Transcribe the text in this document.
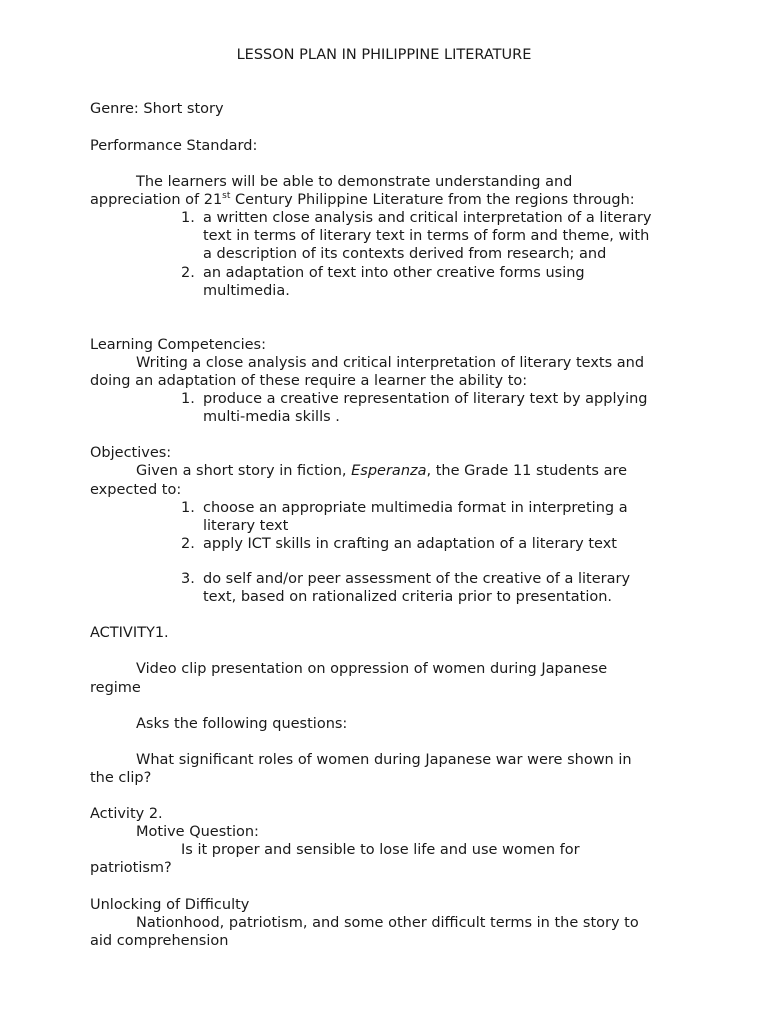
LESSON PLAN IN PHILIPPINE LITERATURE
Genre: Short story
Performance Standard:
The learners will be able to demonstrate understanding and
appreciation of 21st Century Philippine Literature from the regions through:
1. a written close analysis and critical interpretation of a literary
text in terms of literary text in terms of form and theme, with
a description of its contexts derived from research; and
2. an adaptation of text into other creative forms using
multimedia.
Learning Competencies:
Writing a close analysis and critical interpretation of literary texts and
doing an adaptation of these require a learner the ability to:
1. produce a creative representation of literary text by applying
multi-media skills .
Objectives:
Given a short story in fiction, Esperanza, the Grade 11 students are
expected to:
1. choose an appropriate multimedia format in interpreting a
literary text
2. apply ICT skills in crafting an adaptation of a literary text
3. do self and/or peer assessment of the creative of a literary
text, based on rationalized criteria prior to presentation.
ACTIVITY1.
Video clip presentation on oppression of women during Japanese
regime
Asks the following questions:
What significant roles of women during Japanese war were shown in
the clip?
Activity 2.
Motive Question:
Is it proper and sensible to lose life and use women for
patriotism?
Unlocking of Difficulty
Nationhood, patriotism, and some other difficult terms in the story to
aid comprehension
